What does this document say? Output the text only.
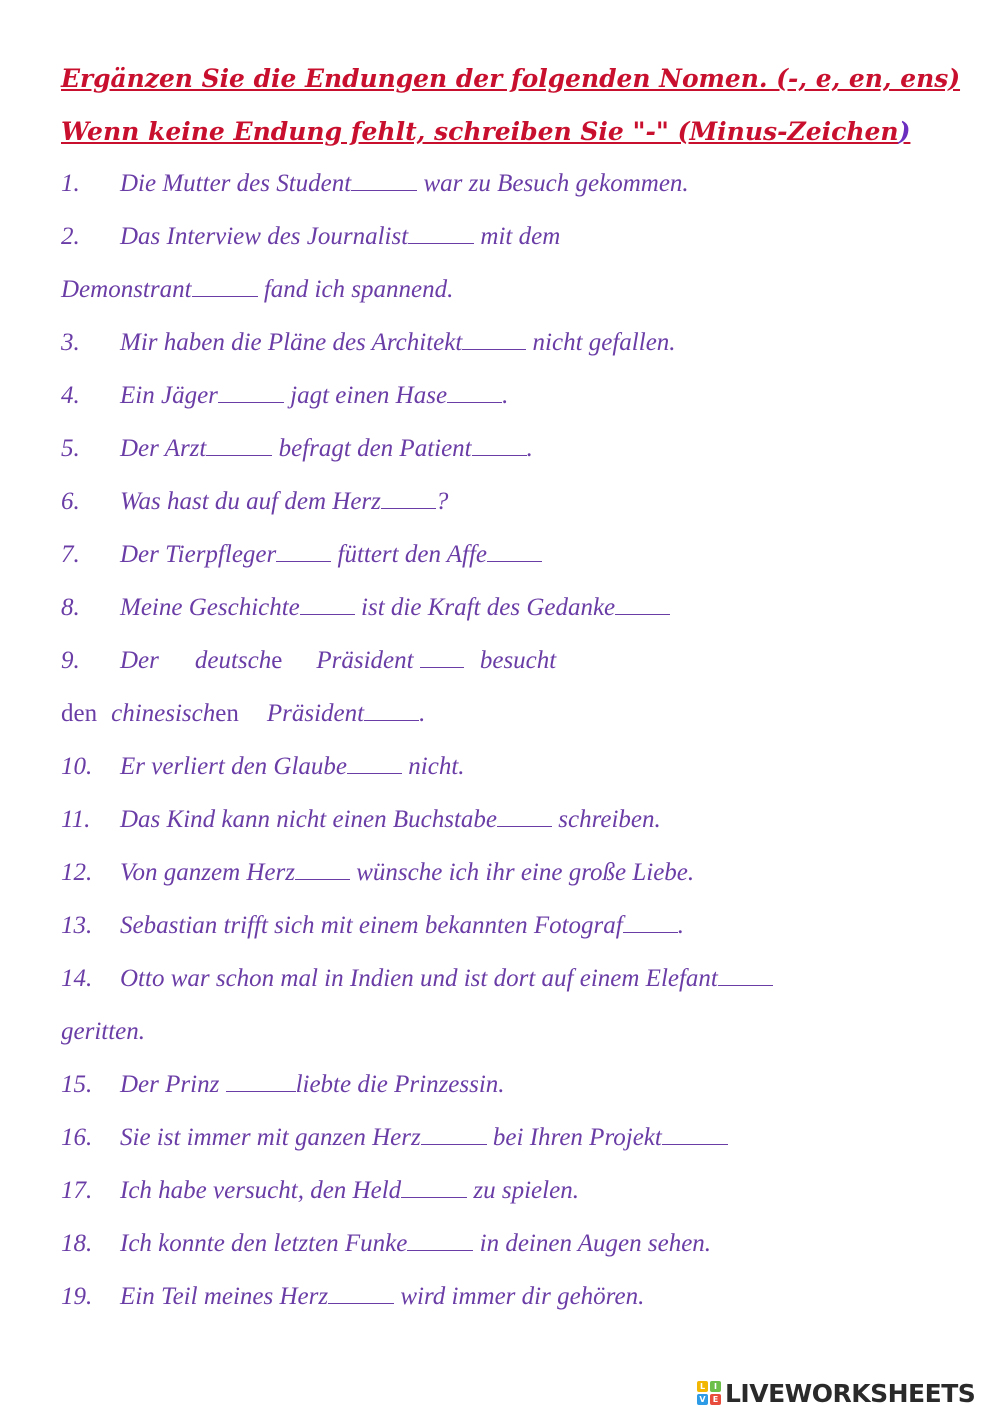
Ergänzen Sie die Endungen der folgenden Nomen. (-, e, en, ens)
Wenn keine Endung fehlt, schreiben Sie "-" (Minus-Zeichen)
1. Die Mutter des Student	war zu Besuch gekommen.
2. Das Interview des Journalist	mit dem
Demonstrant	fand ich spannend.
3. Mir haben die Pläne des Architekt	nicht gefallen.
4. Ein Jäger	jagt einen Hase .
5. Der Arzt	befragt den Patient .
6. Was hast du auf dem Herz ?
7. Der Tierpfleger füttert den Affe
8. Meine Geschichte ist die Kraft des Gedanke
9. Der deutsche Präsident besucht
den chinesischen Präsident .
10. Er verliert den Glaube nicht.
11. Das Kind kann nicht einen Buchstabe schreiben.
12. Von ganzem Herz wünsche ich ihr eine große Liebe.
13. Sebastian trifft sich mit einem bekannten Fotograf .
14. Otto war schon mal in Indien und ist dort auf einem Elefant
geritten.
15. Der Prinz	liebte die Prinzessin.
16. Sie ist immer mit ganzen Herz	bei Ihren Projekt
17. Ich habe versucht, den Held	zu spielen.
18. Ich konnte den letzten Funke	in deinen Augen sehen.
19. Ein Teil meines Herz	wird immer dir gehören.
L	I
V E LIVEWORKSHEETS
